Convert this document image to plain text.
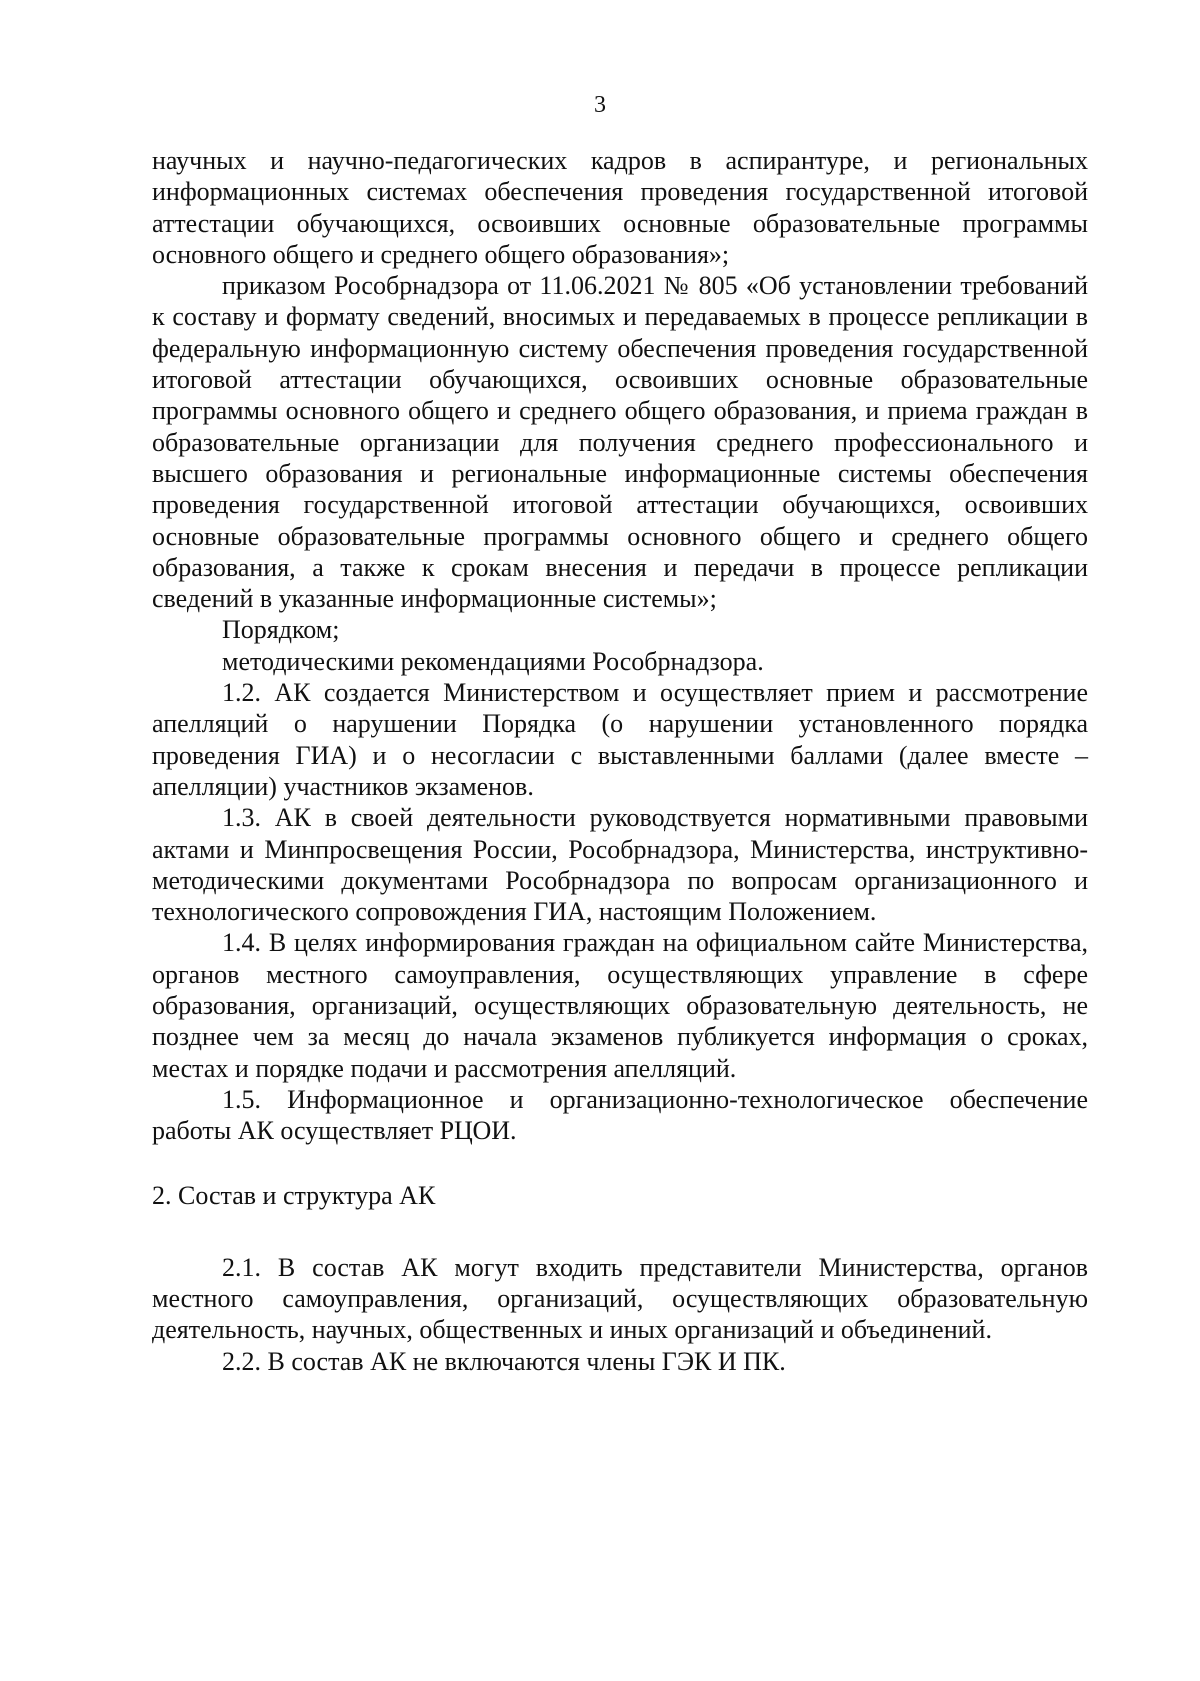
3

научных и научно-педагогических кадров в аспирантуре, и региональных информационных системах обеспечения проведения государственной итоговой аттестации обучающихся, освоивших основные образовательные программы основного общего и среднего общего образования»;

приказом Рособрнадзора от 11.06.2021 № 805 «Об установлении требований к составу и формату сведений, вносимых и передаваемых в процессе репликации в федеральную информационную систему обеспечения проведения государственной итоговой аттестации обучающихся, освоивших основные образовательные программы основного общего и среднего общего образования, и приема граждан в образовательные организации для получения среднего профессионального и высшего образования и региональные информационные системы обеспечения проведения государственной итоговой аттестации обучающихся, освоивших основные образовательные программы основного общего и среднего общего образования, а также к срокам внесения и передачи в процессе репликации сведений в указанные информационные системы»;

Порядком;

методическими рекомендациями Рособрнадзора.

1.2. АК создается Министерством и осуществляет прием и рассмотрение апелляций о нарушении Порядка (о нарушении установленного порядка проведения ГИА) и о несогласии с выставленными баллами (далее вместе – апелляции) участников экзаменов.

1.3. АК в своей деятельности руководствуется нормативными правовыми актами и Минпросвещения России, Рособрнадзора, Министерства, инструктивно-методическими документами Рособрнадзора по вопросам организационного и технологического сопровождения ГИА, настоящим Положением.

1.4. В целях информирования граждан на официальном сайте Министерства, органов местного самоуправления, осуществляющих управление в сфере образования, организаций, осуществляющих образовательную деятельность, не позднее чем за месяц до начала экзаменов публикуется информация о сроках, местах и порядке подачи и рассмотрения апелляций.

1.5. Информационное и организационно-технологическое обеспечение работы АК осуществляет РЦОИ.

2. Состав и структура АК

2.1. В состав АК могут входить представители Министерства, органов местного самоуправления, организаций, осуществляющих образовательную деятельность, научных, общественных и иных организаций и объединений.

2.2. В состав АК не включаются члены ГЭК И ПК.
